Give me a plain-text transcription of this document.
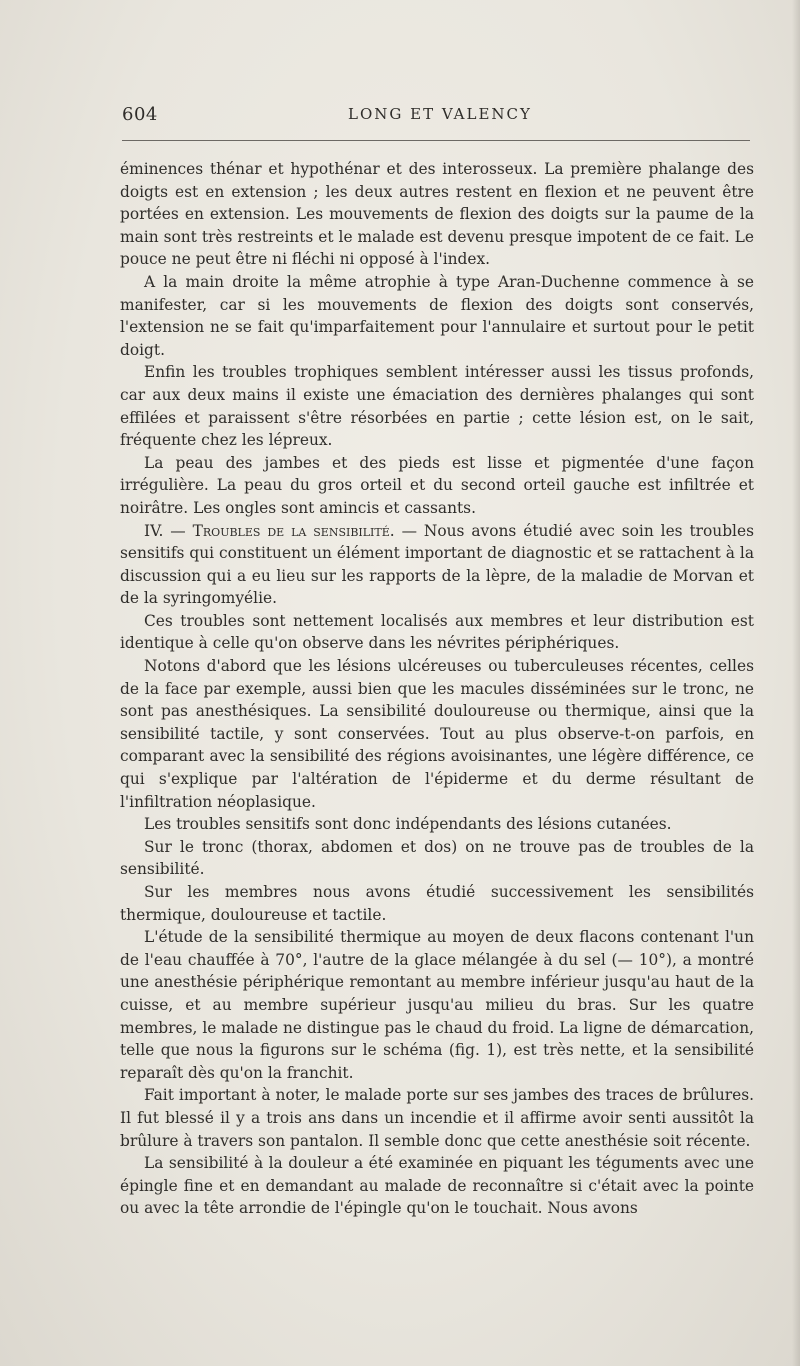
604	LONG ET VALENCY

éminences thénar et hypothénar et des interosseux. La première phalange des doigts est en extension ; les deux autres restent en flexion et ne peuvent être portées en extension. Les mouvements de flexion des doigts sur la paume de la main sont très restreints et le malade est devenu presque impotent de ce fait. Le pouce ne peut être ni fléchi ni opposé à l'index.

A la main droite la même atrophie à type Aran-Duchenne commence à se manifester, car si les mouvements de flexion des doigts sont conservés, l'extension ne se fait qu'imparfaitement pour l'annulaire et surtout pour le petit doigt.

Enfin les troubles trophiques semblent intéresser aussi les tissus profonds, car aux deux mains il existe une émaciation des dernières phalanges qui sont effilées et paraissent s'être résorbées en partie ; cette lésion est, on le sait, fréquente chez les lépreux.

La peau des jambes et des pieds est lisse et pigmentée d'une façon irrégulière. La peau du gros orteil et du second orteil gauche est infiltrée et noirâtre. Les ongles sont amincis et cassants.

IV. — Troubles de la sensibilité. — Nous avons étudié avec soin les troubles sensitifs qui constituent un élément important de diagnostic et se rattachent à la discussion qui a eu lieu sur les rapports de la lèpre, de la maladie de Morvan et de la syringomyélie.

Ces troubles sont nettement localisés aux membres et leur distribution est identique à celle qu'on observe dans les névrites périphériques.

Notons d'abord que les lésions ulcéreuses ou tuberculeuses récentes, celles de la face par exemple, aussi bien que les macules disséminées sur le tronc, ne sont pas anesthésiques. La sensibilité douloureuse ou thermique, ainsi que la sensibilité tactile, y sont conservées. Tout au plus observe-t-on parfois, en comparant avec la sensibilité des régions avoisinantes, une légère différence, ce qui s'explique par l'altération de l'épiderme et du derme résultant de l'infiltration néoplasique.

Les troubles sensitifs sont donc indépendants des lésions cutanées.

Sur le tronc (thorax, abdomen et dos) on ne trouve pas de troubles de la sensibilité.

Sur les membres nous avons étudié successivement les sensibilités thermique, douloureuse et tactile.

L'étude de la sensibilité thermique au moyen de deux flacons contenant l'un de l'eau chauffée à 70°, l'autre de la glace mélangée à du sel (— 10°), a montré une anesthésie périphérique remontant au membre inférieur jusqu'au haut de la cuisse, et au membre supérieur jusqu'au milieu du bras. Sur les quatre membres, le malade ne distingue pas le chaud du froid. La ligne de démarcation, telle que nous la figurons sur le schéma (fig. 1), est très nette, et la sensibilité reparaît dès qu'on la franchit.

Fait important à noter, le malade porte sur ses jambes des traces de brûlures. Il fut blessé il y a trois ans dans un incendie et il affirme avoir senti aussitôt la brûlure à travers son pantalon. Il semble donc que cette anesthésie soit récente.

La sensibilité à la douleur a été examinée en piquant les téguments avec une épingle fine et en demandant au malade de reconnaître si c'était avec la pointe ou avec la tête arrondie de l'épingle qu'on le touchait. Nous avons
